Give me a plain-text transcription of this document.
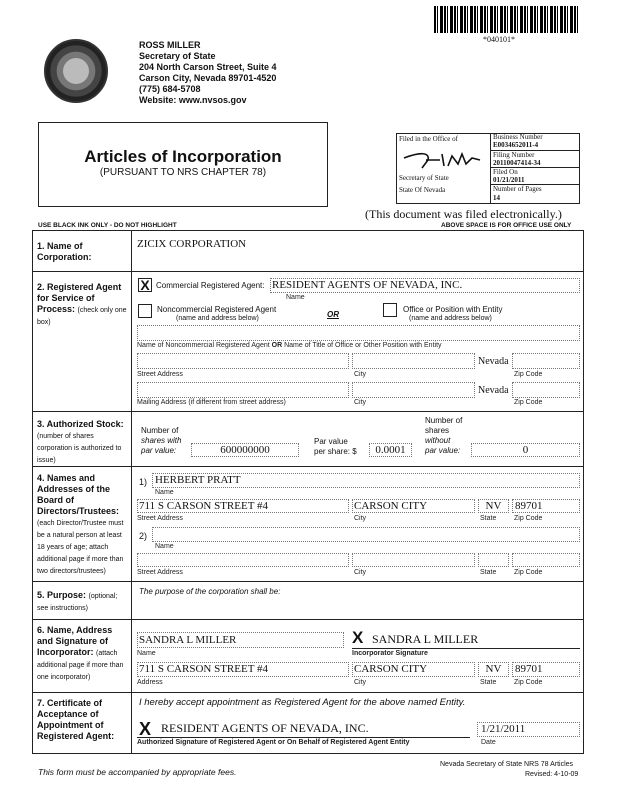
*040101*
ROSS MILLER
Secretary of State
204 North Carson Street, Suite 4
Carson City, Nevada 89701-4520
(775) 684-5708
Website: www.nvsos.gov
Articles of Incorporation
(PURSUANT TO NRS CHAPTER 78)
Filed in the Office of
Secretary of State
State Of Nevada
Business Number
E0034652011-4
Filing Number
20110047414-34
Filed On
01/21/2011
Number of Pages
14
USE BLACK INK ONLY - DO NOT HIGHLIGHT
(This document was filed electronically.)
ABOVE SPACE IS FOR OFFICE USE ONLY
1. Name of Corporation:
ZICIX CORPORATION
2. Registered Agent for Service of Process: (check only one box)
X Commercial Registered Agent: RESIDENT AGENTS OF NEVADA, INC.
Name
Noncommercial Registered Agent
(name and address below)	OR
Office or Position with Entity
(name and address below)
Name of Noncommercial Registered Agent OR Name of Title of Office or Other Position with Entity
Nevada
Street Address	City	Zip Code
Nevada
Mailing Address (if different from street address)	City	Zip Code
3. Authorized Stock: (number of shares corporation is authorized to issue)
Number of
shares with
par value:	600000000
Par value
per share: $	0.0001
Number of
shares
without
par value:	0
4. Names and Addresses of the Board of Directors/Trustees: (each Director/Trustee must be a natural person at least 18 years of age; attach additional page if more than two directors/trustees)
1) HERBERT PRATT
Name
711 S CARSON STREET #4	CARSON CITY	NV	89701
Street Address	City	State	Zip Code
2)
Name
Street Address	City	State	Zip Code
5. Purpose: (optional; see instructions)
The purpose of the corporation shall be:
6. Name, Address and Signature of Incorporator: (attach additional page if more than one incorporator)
SANDRA L MILLER	X SANDRA L MILLER
Name	Incorporator Signature
711 S CARSON STREET #4	CARSON CITY	NV	89701
Address	City	State	Zip Code
7. Certificate of Acceptance of Appointment of Registered Agent:
I hereby accept appointment as Registered Agent for the above named Entity.
X RESIDENT AGENTS OF NEVADA, INC.	1/21/2011
Authorized Signature of Registered Agent or On Behalf of Registered Agent Entity	Date
This form must be accompanied by appropriate fees.
Nevada Secretary of State NRS 78 Articles
Revised: 4-10-09
